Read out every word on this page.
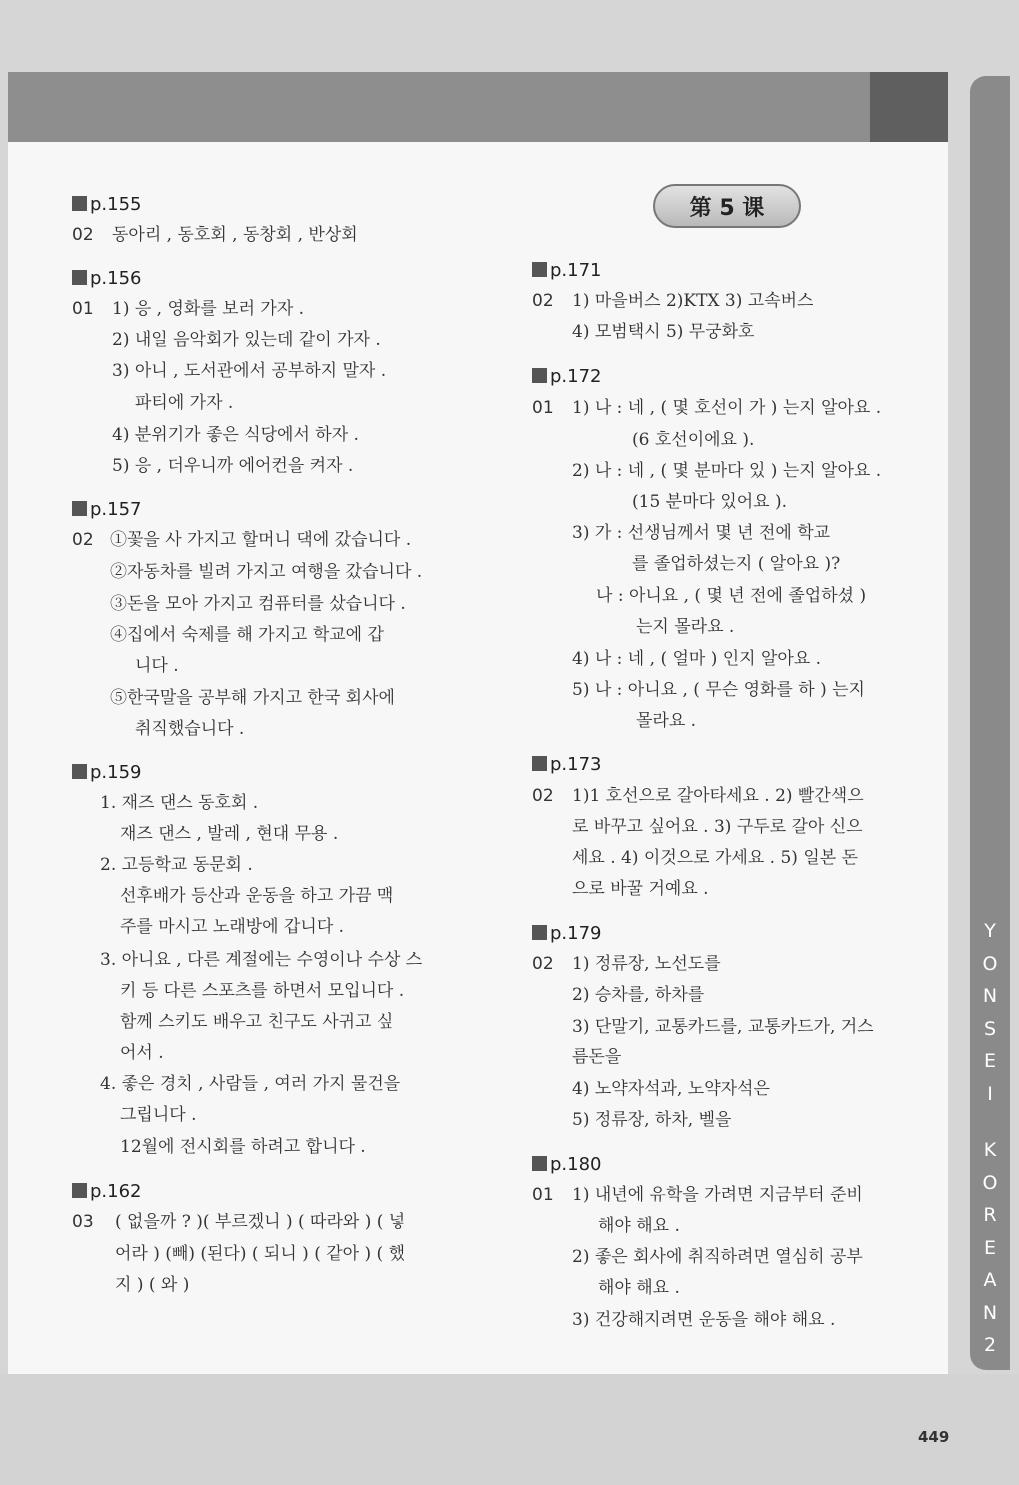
Y
O
N
S
E
I
K
O
R
E
A
N
2
449
第 5 课
p.155
02 동아리 , 동호회 , 동창회 , 반상회
p.156
01 1) 응 , 영화를 보러 가자 .
2) 내일 음악회가 있는데 같이 가자 .
3) 아니 , 도서관에서 공부하지 말자 .
파티에 가자 .
4) 분위기가 좋은 식당에서 하자 .
5) 응 , 더우니까 에어컨을 켜자 .
p.157
02 ①꽃을 사 가지고 할머니 댁에 갔습니다 .
②자동차를 빌려 가지고 여행을 갔습니다 .
③돈을 모아 가지고 컴퓨터를 샀습니다 .
④집에서 숙제를 해 가지고 학교에 갑
니다 .
⑤한국말을 공부해 가지고 한국 회사에
취직했습니다 .
p.159
1. 재즈 댄스 동호회 .
재즈 댄스 , 발레 , 현대 무용 .
2. 고등학교 동문회 .
선후배가 등산과 운동을 하고 가끔 맥
주를 마시고 노래방에 갑니다 .
3. 아니요 , 다른 계절에는 수영이나 수상 스
키 등 다른 스포츠를 하면서 모입니다 .
함께 스키도 배우고 친구도 사귀고 싶
어서 .
4. 좋은 경치 , 사람들 , 여러 가지 물건을
그립니다 .
12월에 전시회를 하려고 합니다 .
p.162
03 ( 없을까 ? )( 부르겠니 ) ( 따라와 ) ( 넣
어라 ) (빼) (된다) ( 되니 ) ( 같아 ) ( 했
지 ) ( 와 )
p.171
02 1) 마을버스 2)KTX 3) 고속버스
4) 모범택시 5) 무궁화호
p.172
01 1) 나 : 네 , ( 몇 호선이 가 ) 는지 알아요 .
(6 호선이에요 ).
2) 나 : 네 , ( 몇 분마다 있 ) 는지 알아요 .
(15 분마다 있어요 ).
3) 가 : 선생님께서 몇 년 전에 학교
를 졸업하셨는지 ( 알아요 )?
나 : 아니요 , ( 몇 년 전에 졸업하셨 )
는지 몰라요 .
4) 나 : 네 , ( 얼마 ) 인지 알아요 .
5) 나 : 아니요 , ( 무슨 영화를 하 ) 는지
몰라요 .
p.173
02 1)1 호선으로 갈아타세요 . 2) 빨간색으
로 바꾸고 싶어요 . 3) 구두로 갈아 신으
세요 . 4) 이것으로 가세요 . 5) 일본 돈
으로 바꿀 거예요 .
p.179
02 1) 정류장, 노선도를
2) 승차를, 하차를
3) 단말기, 교통카드를, 교통카드가, 거스
름돈을
4) 노약자석과, 노약자석은
5) 정류장, 하차, 벨을
p.180
01 1) 내년에 유학을 가려면 지금부터 준비
해야 해요 .
2) 좋은 회사에 취직하려면 열심히 공부
해야 해요 .
3) 건강해지려면 운동을 해야 해요 .
